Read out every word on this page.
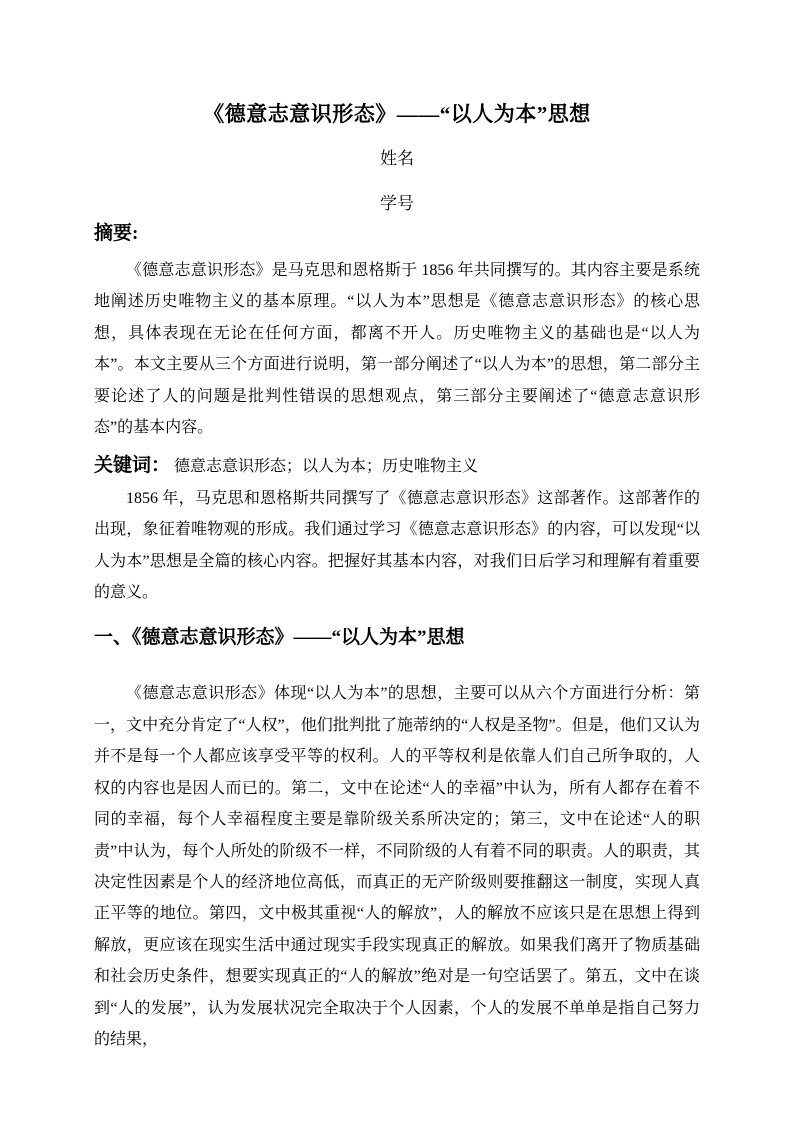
《德意志意识形态》——“以人为本”思想
姓名
学号
摘要:

《德意志意识形态》是马克思和恩格斯于 1856 年共同撰写的。其内容主要是系统地阐述历史唯物主义的基本原理。“以人为本”思想是《德意志意识形态》的核心思想，具体表现在无论在任何方面，都离不开人。历史唯物主义的基础也是“以人为本”。本文主要从三个方面进行说明，第一部分阐述了“以人为本”的思想，第二部分主要论述了人的问题是批判性错误的思想观点，第三部分主要阐述了“德意志意识形态”的基本内容。

关键词： 德意志意识形态；以人为本；历史唯物主义

1856 年，马克思和恩格斯共同撰写了《德意志意识形态》这部著作。这部著作的出现，象征着唯物观的形成。我们通过学习《德意志意识形态》的内容，可以发现“以人为本”思想是全篇的核心内容。把握好其基本内容，对我们日后学习和理解有着重要的意义。

一、《德意志意识形态》——“以人为本”思想

《德意志意识形态》体现“以人为本”的思想，主要可以从六个方面进行分析：第一，文中充分肯定了“人权”，他们批判批了施蒂纳的“人权是圣物”。但是，他们又认为并不是每一个人都应该享受平等的权利。人的平等权利是依靠人们自己所争取的，人权的内容也是因人而已的。第二，文中在论述“人的幸福”中认为，所有人都存在着不同的幸福，每个人幸福程度主要是靠阶级关系所决定的；第三，文中在论述“人的职责”中认为，每个人所处的阶级不一样，不同阶级的人有着不同的职责。人的职责，其决定性因素是个人的经济地位高低，而真正的无产阶级则要推翻这一制度，实现人真正平等的地位。第四，文中极其重视“人的解放”，人的解放不应该只是在思想上得到解放，更应该在现实生活中通过现实手段实现真正的解放。如果我们离开了物质基础和社会历史条件，想要实现真正的“人的解放”绝对是一句空话罢了。第五，文中在谈到“人的发展”，认为发展状况完全取决于个人因素，个人的发展不单单是指自己努力的结果，
